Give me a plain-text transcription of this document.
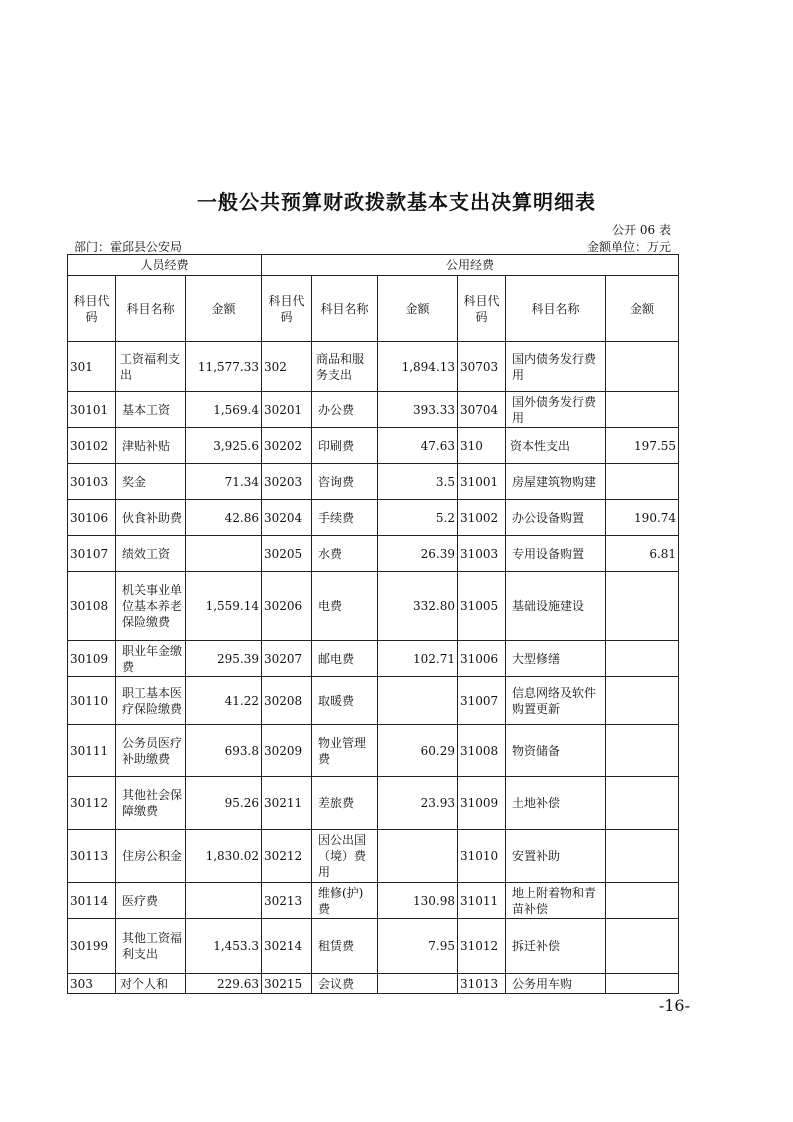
一般公共预算财政拨款基本支出决算明细表
公开 06 表
部门：霍邱县公安局	金额单位：万元
人员经费			公用经费					
科目代码	科目名称	金额	科目代码	科目名称	金额	科目代码	科目名称	金额
301	工资福利支出	11,577.33	302	商品和服务支出	1,894.13	30703	国内债务发行费用	
30101	基本工资	1,569.4	30201	办公费	393.33	30704	国外债务发行费用	
30102	津贴补贴	3,925.6	30202	印刷费	47.63	310	资本性支出	197.55
30103	奖金	71.34	30203	咨询费	3.5	31001	房屋建筑物购建	
30106	伙食补助费	42.86	30204	手续费	5.2	31002	办公设备购置	190.74
30107	绩效工资		30205	水费	26.39	31003	专用设备购置	6.81
30108	机关事业单位基本养老保险缴费	1,559.14	30206	电费	332.80	31005	基础设施建设	
30109	职业年金缴费	295.39	30207	邮电费	102.71	31006	大型修缮	
30110	职工基本医疗保险缴费	41.22	30208	取暖费		31007	信息网络及软件购置更新	
30111	公务员医疗补助缴费	693.8	30209	物业管理费	60.29	31008	物资储备	
30112	其他社会保障缴费	95.26	30211	差旅费	23.93	31009	土地补偿	
30113	住房公积金	1,830.02	30212	因公出国（境）费用		31010	安置补助	
30114	医疗费		30213	维修(护)费	130.98	31011	地上附着物和青苗补偿	
30199	其他工资福利支出	1,453.3	30214	租赁费	7.95	31012	拆迁补偿	
303	对个人和	229.63	30215	会议费		31013	公务用车购	
-16-
